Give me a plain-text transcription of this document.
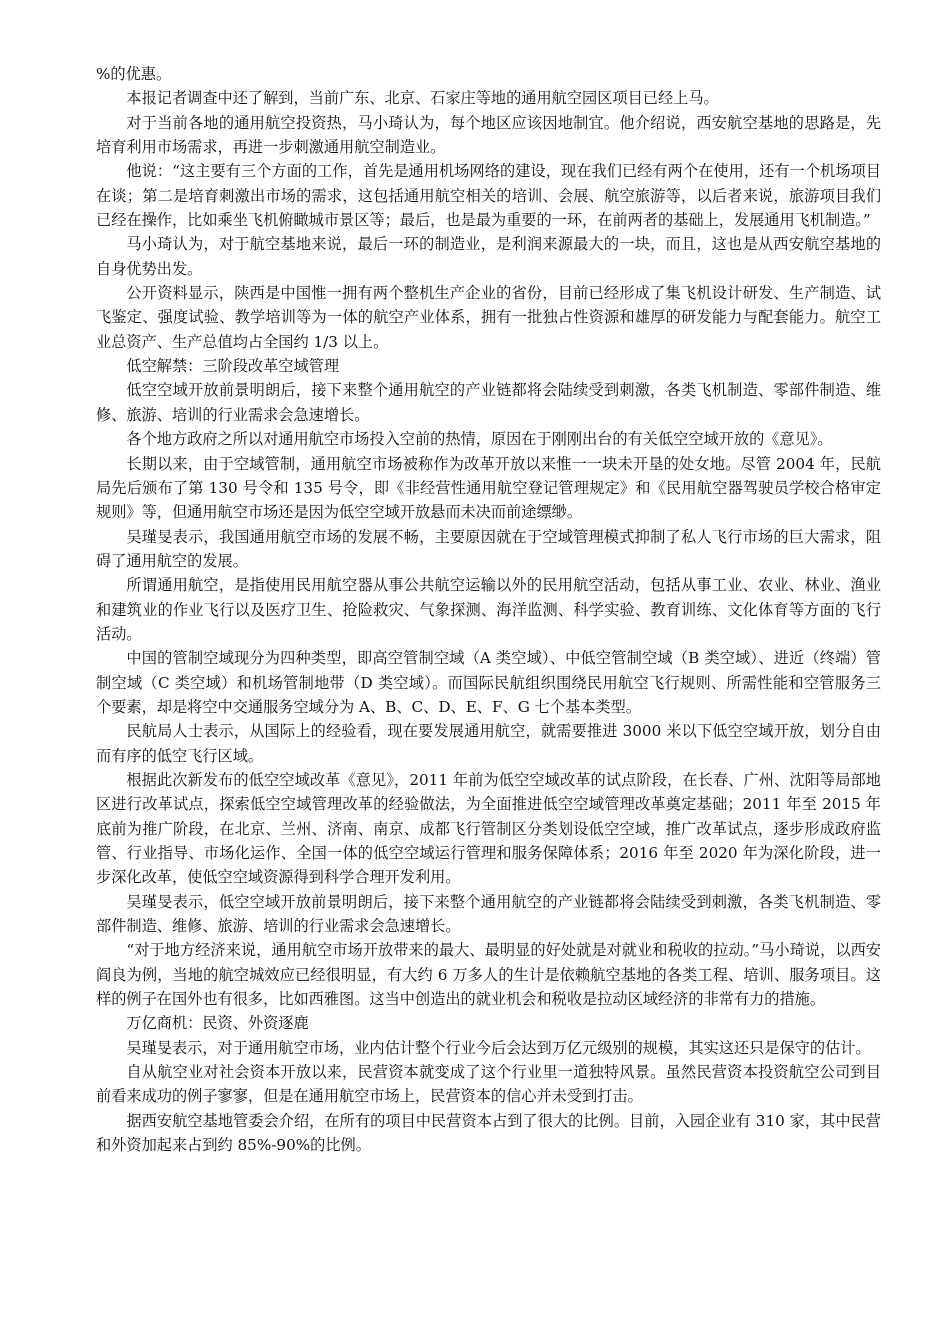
%的优惠。

本报记者调查中还了解到，当前广东、北京、石家庄等地的通用航空园区项目已经上马。

对于当前各地的通用航空投资热，马小琦认为，每个地区应该因地制宜。他介绍说，西安航空基地的思路是，先培育利用市场需求，再进一步刺激通用航空制造业。

他说：“这主要有三个方面的工作，首先是通用机场网络的建设，现在我们已经有两个在使用，还有一个机场项目在谈；第二是培育刺激出市场的需求，这包括通用航空相关的培训、会展、航空旅游等，以后者来说，旅游项目我们已经在操作，比如乘坐飞机俯瞰城市景区等；最后，也是最为重要的一环，在前两者的基础上，发展通用飞机制造。”

马小琦认为，对于航空基地来说，最后一环的制造业，是利润来源最大的一块，而且，这也是从西安航空基地的自身优势出发。

公开资料显示，陕西是中国惟一拥有两个整机生产企业的省份，目前已经形成了集飞机设计研发、生产制造、试飞鉴定、强度试验、教学培训等为一体的航空产业体系，拥有一批独占性资源和雄厚的研发能力与配套能力。航空工业总资产、生产总值均占全国约 1/3 以上。

低空解禁：三阶段改革空域管理

低空空域开放前景明朗后，接下来整个通用航空的产业链都将会陆续受到刺激，各类飞机制造、零部件制造、维修、旅游、培训的行业需求会急速增长。

各个地方政府之所以对通用航空市场投入空前的热情，原因在于刚刚出台的有关低空空域开放的《意见》。

长期以来，由于空域管制，通用航空市场被称作为改革开放以来惟一一块未开垦的处女地。尽管 2004 年，民航局先后颁布了第 130 号令和 135 号令，即《非经营性通用航空登记管理规定》和《民用航空器驾驶员学校合格审定规则》等，但通用航空市场还是因为低空空域开放悬而未决而前途缥缈。

吴瑾旻表示，我国通用航空市场的发展不畅，主要原因就在于空域管理模式抑制了私人飞行市场的巨大需求，阻碍了通用航空的发展。

所谓通用航空，是指使用民用航空器从事公共航空运输以外的民用航空活动，包括从事工业、农业、林业、渔业和建筑业的作业飞行以及医疗卫生、抢险救灾、气象探测、海洋监测、科学实验、教育训练、文化体育等方面的飞行活动。

中国的管制空域现分为四种类型，即高空管制空域（A 类空域）、中低空管制空域（B 类空域）、进近（终端）管制空域（C 类空域）和机场管制地带（D 类空域）。而国际民航组织围绕民用航空飞行规则、所需性能和空管服务三个要素，却是将空中交通服务空域分为 A、B、C、D、E、F、G 七个基本类型。

民航局人士表示，从国际上的经验看，现在要发展通用航空，就需要推进 3000 米以下低空空域开放，划分自由而有序的低空飞行区域。

根据此次新发布的低空空域改革《意见》，2011 年前为低空空域改革的试点阶段，在长春、广州、沈阳等局部地区进行改革试点，探索低空空域管理改革的经验做法，为全面推进低空空域管理改革奠定基础；2011 年至 2015 年底前为推广阶段，在北京、兰州、济南、南京、成都飞行管制区分类划设低空空域，推广改革试点，逐步形成政府监管、行业指导、市场化运作、全国一体的低空空域运行管理和服务保障体系；2016 年至 2020 年为深化阶段，进一步深化改革，使低空空域资源得到科学合理开发利用。

吴瑾旻表示，低空空域开放前景明朗后，接下来整个通用航空的产业链都将会陆续受到刺激，各类飞机制造、零部件制造、维修、旅游、培训的行业需求会急速增长。

“对于地方经济来说，通用航空市场开放带来的最大、最明显的好处就是对就业和税收的拉动。”马小琦说，以西安阎良为例，当地的航空城效应已经很明显，有大约 6 万多人的生计是依赖航空基地的各类工程、培训、服务项目。这样的例子在国外也有很多，比如西雅图。这当中创造出的就业机会和税收是拉动区域经济的非常有力的措施。

万亿商机：民资、外资逐鹿

吴瑾旻表示，对于通用航空市场，业内估计整个行业今后会达到万亿元级别的规模，其实这还只是保守的估计。

自从航空业对社会资本开放以来，民营资本就变成了这个行业里一道独特风景。虽然民营资本投资航空公司到目前看来成功的例子寥寥，但是在通用航空市场上，民营资本的信心并未受到打击。

据西安航空基地管委会介绍，在所有的项目中民营资本占到了很大的比例。目前，入园企业有 310 家，其中民营和外资加起来占到约 85%-90%的比例。
